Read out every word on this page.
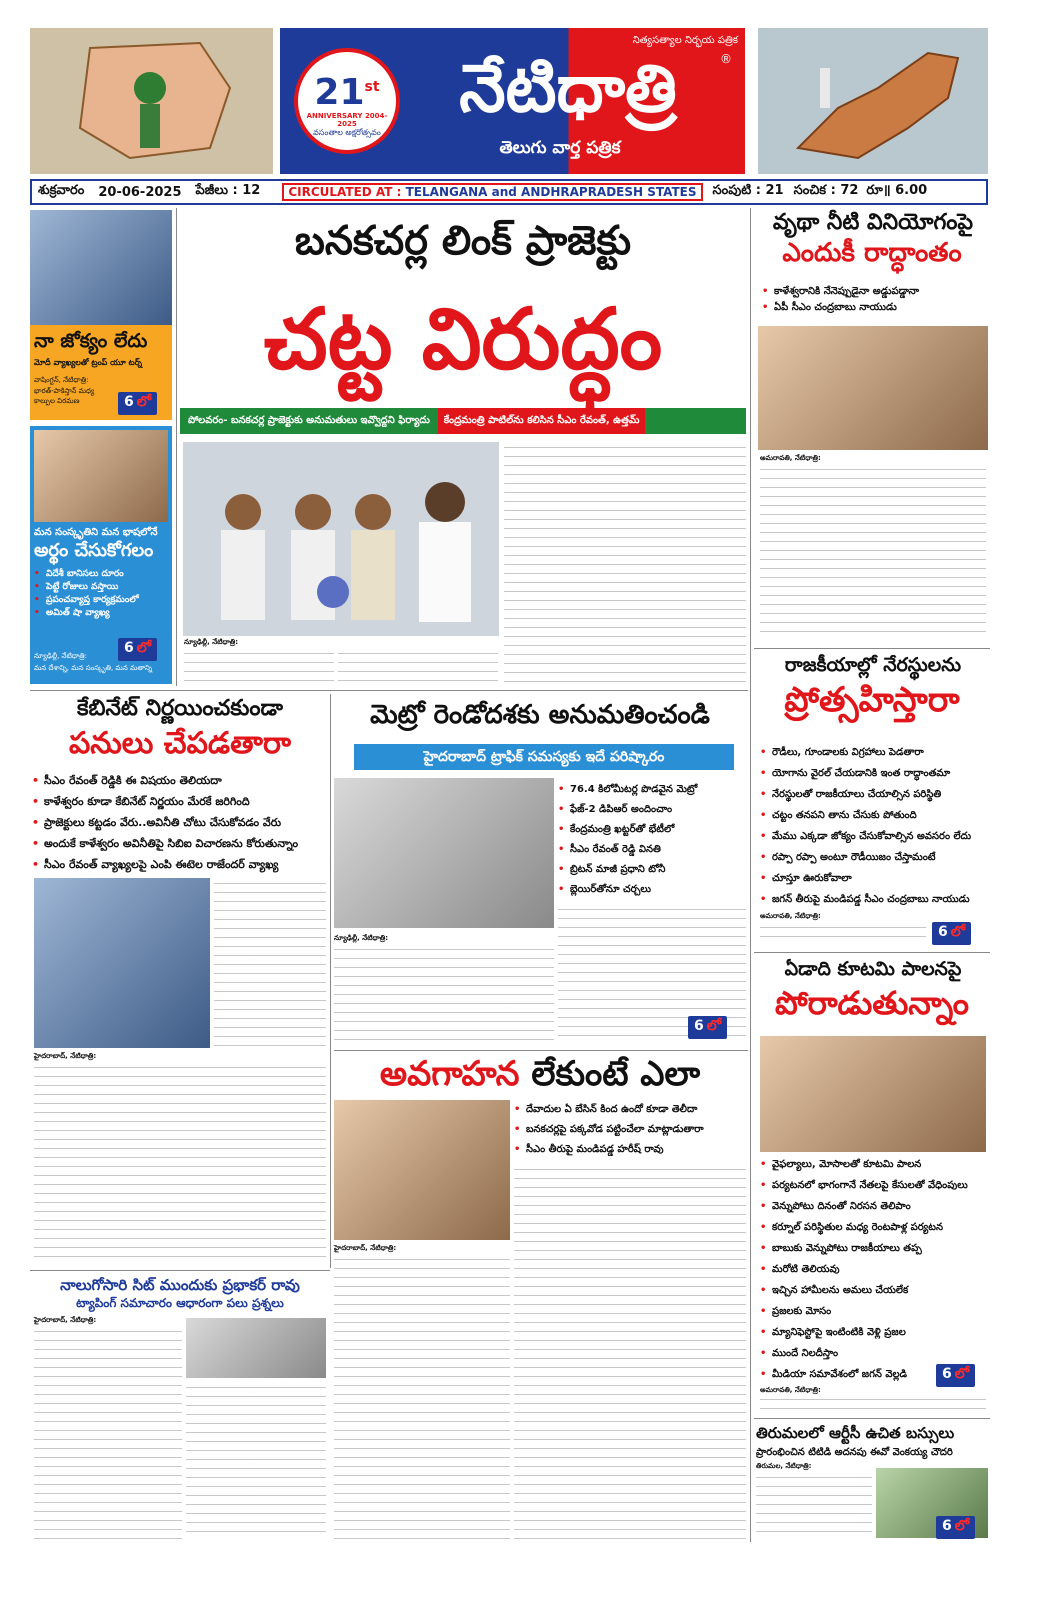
21st
ANNIVERSARY 2004-2025
వసంతాల అక్షరోత్సవం
నిత్యసత్యాల నిర్భయ పత్రిక
నేటిధాత్రి	®
తెలుగు వార్త పత్రిక
శుక్రవారం 20-06-2025 పేజీలు : 12	CIRCULATED AT : TELANGANA and ANDHRAPRADESH STATES	సంపుటి : 21 సంచిక : 72 రూ॥ 6.00
నా జోక్యం లేదు
మోదీ వ్యాఖ్యలతో ట్రంప్ యూ టర్న్
వాషింగ్టన్, నేటిధాత్రి:
భారత్-పాకిస్తాన్ మధ్య కాల్పుల విరమణ	6 లో
మన సంస్కృతిని మన భాషలోనే
అర్థం చేసుకోగలం
• విదేశీ బానిసలు దూరం
• పెట్టే రోజులు వస్తాయి
• ప్రపంచవ్యాప్త కార్యక్రమంలో
• అమిత్ షా వ్యాఖ్య
న్యూఢిల్లీ, నేటిధాత్రి:
మన దేశాన్ని, మన సంస్కృతి, మన మతాన్ని
6 లో
బనకచర్ల లింక్ ప్రాజెక్టు
చట్ట విరుద్ధం
పోలవరం- బనకచర్ల ప్రాజెక్టుకు అనుమతులు ఇవ్వొద్దని ఫిర్యాదు	కేంద్రమంత్రి పాటిల్‌ను కలిసిన సీఎం రేవంత్, ఉత్తమ్
న్యూఢిల్లీ, నేటిధాత్రి:
వృథా నీటి వినియోగంపై
ఎందుకీ రాద్ధాంతం
• కాళేశ్వరానికి నేనెప్పుడైనా అడ్డుపడ్డానా
• ఏపీ సీఎం చంద్రబాబు నాయుడు
అమరావతి, నేటిధాత్రి:
రాజకీయాల్లో నేరస్థులను
ప్రోత్సహిస్తారా
• రౌడీలు, గూండాలకు విగ్రహాలు పెడతారా
• యోగాను వైరల్ చేయడానికి ఇంత రాద్ధాంతమా
• నేరస్థులతో రాజకీయాలు చేయాల్సిన పరిస్థితి
• చట్టం తనపని తాను చేసుకు పోతుంది
• మేము ఎక్కడా జోక్యం చేసుకోవాల్సిన అవసరం లేదు
• రప్పా రప్పా అంటూ రౌడీయిజం చేస్తామంటే
• చూస్తూ ఊరుకోవాలా
• జగన్ తీరుపై మండిపడ్డ సీఎం చంద్రబాబు నాయుడు
అమరావతి, నేటిధాత్రి:
6 లో
ఏడాది కూటమి పాలనపై
పోరాడుతున్నాం
• వైఫల్యాలు, మోసాలతో కూటమి పాలన
• పర్యటనలో భాగంగానే నేతలపై కేసులతో వేధింపులు
• వెన్నుపోటు దినంతో నిరసన తెలిపాం
• కర్నూల్ పరిస్థితుల మధ్య రెంటపాళ్ల పర్యటన
• బాబుకు వెన్నుపోటు రాజకీయాలు తప్ప
• మరోటి తెలియవు
• ఇచ్చిన హామీలను అమలు చేయలేక
• ప్రజలకు మోసం
• మ్యానిఫెస్టోపై ఇంటింటికి వెళ్లి ప్రజల
• ముందే నిలదీస్తాం
• మీడియా సమావేశంలో జగన్ వెల్లడి
అమరావతి, నేటిధాత్రి:
6 లో
తిరుమలలో ఆర్టీసీ ఉచిత బస్సులు
ప్రారంభించిన టిటిడి అదనపు ఈవో వెంకయ్య చౌదరి
తిరుమల, నేటిధాత్రి:
6 లో
కేబినేట్ నిర్ణయించకుండా
పనులు చేపడతారా
• సీఎం రేవంత్ రెడ్డికి ఈ విషయం తెలియదా
• కాళేశ్వరం కూడా కేబినేట్ నిర్ణయం మేరకే జరిగింది
• ప్రాజెక్టులు కట్టడం వేరు..అవినీతి చోటు చేసుకోవడం వేరు
• అందుకే కాళేశ్వరం అవినీతిపై సిబిఐ విచారణను కోరుతున్నాం
• సీఎం రేవంత్ వ్యాఖ్యలపై ఎంపి ఈటెల రాజేందర్ వ్యాఖ్య
హైదరాబాద్, నేటిధాత్రి:
మెట్రో రెండోదశకు అనుమతించండి
హైదరాబాద్ ట్రాఫిక్ సమస్యకు ఇదే పరిష్కారం
• 76.4 కిలోమీటర్ల పొడవైన మెట్రో
• ఫేజ్-2 డిపిఆర్ అందించాం
• కేంద్రమంత్రి ఖట్టర్‌తో భేటీలో
• సీఎం రేవంత్ రెడ్డి వినతి
• బ్రిటన్ మాజీ ప్రధాని టోనీ
• బ్లెయిర్‌తోనూ చర్చలు
న్యూఢిల్లీ, నేటిధాత్రి:
6 లో
అవగాహన లేకుంటే ఎలా
• దేవాదుల ఏ బేసిన్ కింద ఉందో కూడా తెలీదా
• బనకచర్లపై పక్కవోడ పట్టించేలా మాట్లాడుతారా
• సీఎం తీరుపై మండిపడ్డ హరీష్ రావు
హైదరాబాద్, నేటిధాత్రి:
నాలుగోసారి సిట్ ముందుకు ప్రభాకర్ రావు
ట్యాపింగ్ సమాచారం ఆధారంగా పలు ప్రశ్నలు
హైదరాబాద్, నేటిధాత్రి:
